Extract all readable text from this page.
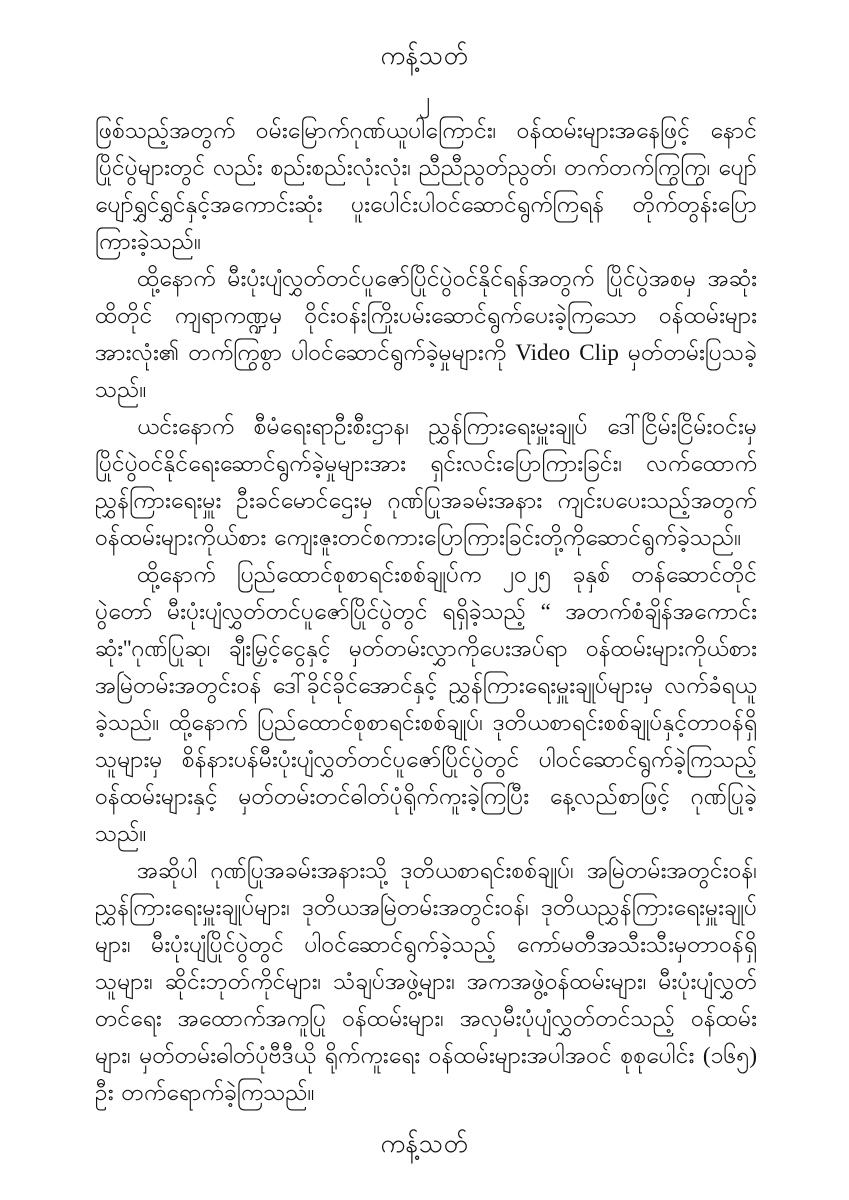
ကန့်သတ်
၂

ဖြစ်သည့်အတွက် ဝမ်းမြောက်ဂုဏ်ယူပါကြောင်း၊ ဝန်ထမ်းများအနေဖြင့် နောင်ပြိုင်ပွဲများတွင် လည်း စည်းစည်းလုံးလုံး၊ ညီညီညွတ်ညွတ်၊ တက်တက်ကြွကြွ၊ ပျော်ပျော်ရွှင်ရွှင်နှင့်အကောင်းဆုံး ပူးပေါင်းပါဝင်ဆောင်ရွက်ကြရန် တိုက်တွန်းပြောကြားခဲ့သည်။

ထို့နောက် မီးပုံးပျံလွှတ်တင်ပူဇော်ပြိုင်ပွဲဝင်နိုင်ရန်အတွက် ပြိုင်ပွဲအစမှ အဆုံးထိတိုင် ကျရာကဏ္ဍမှ ဝိုင်းဝန်းကြိုးပမ်းဆောင်ရွက်ပေးခဲ့ကြသော ဝန်ထမ်းများအားလုံး၏ တက်ကြွစွာ ပါဝင်ဆောင်ရွက်ခဲ့မှုများကို Video Clip မှတ်တမ်းပြသခဲ့သည်။

ယင်းနောက် စီမံရေးရာဦးစီးဌာန၊ ညွှန်ကြားရေးမှူးချုပ် ဒေါ်ငြိမ်းငြိမ်းဝင်းမှ ပြိုင်ပွဲဝင်နိုင်ရေးဆောင်ရွက်ခဲ့မှုများအား ရှင်းလင်းပြောကြားခြင်း၊ လက်ထောက်ညွှန်ကြားရေးမှူး ဦးခင်မောင်ဌေးမှ ဂုဏ်ပြုအခမ်းအနား ကျင်းပပေးသည့်အတွက် ဝန်ထမ်းများကိုယ်စား ကျေးဇူးတင်စကားပြောကြားခြင်းတို့ကိုဆောင်ရွက်ခဲ့သည်။

ထို့နောက် ပြည်ထောင်စုစာရင်းစစ်ချုပ်က ၂၀၂၅ ခုနှစ် တန်ဆောင်တိုင်ပွဲတော် မီးပုံးပျံလွှတ်တင်ပူဇော်ပြိုင်ပွဲတွင် ရရှိခဲ့သည့် “ အတက်စံချိန်အကောင်းဆုံး''ဂုဏ်ပြုဆု၊ ချီးမြှင့်ငွေနှင့် မှတ်တမ်းလွှာကိုပေးအပ်ရာ ဝန်ထမ်းများကိုယ်စား အမြဲတမ်းအတွင်းဝန် ဒေါ်ခိုင်ခိုင်အောင်နှင့် ညွှန်ကြားရေးမှူးချုပ်များမှ လက်ခံရယူခဲ့သည်။ ထို့နောက် ပြည်ထောင်စုစာရင်းစစ်ချုပ်၊ ဒုတိယစာရင်းစစ်ချုပ်နှင့်တာဝန်ရှိသူများမှ စိန်နားပန်မီးပုံးပျံလွှတ်တင်ပူဇော်ပြိုင်ပွဲတွင် ပါဝင်ဆောင်ရွက်ခဲ့ကြသည့် ဝန်ထမ်းများနှင့် မှတ်တမ်းတင်ဓါတ်ပုံရိုက်ကူးခဲ့ကြပြီး နေ့လည်စာဖြင့် ဂုဏ်ပြုခဲ့သည်။

အဆိုပါ ဂုဏ်ပြုအခမ်းအနားသို့ ဒုတိယစာရင်းစစ်ချုပ်၊ အမြဲတမ်းအတွင်းဝန်၊ ညွှန်ကြားရေးမှူးချုပ်များ၊ ဒုတိယအမြဲတမ်းအတွင်းဝန်၊ ဒုတိယညွှန်ကြားရေးမှူးချုပ်များ၊ မီးပုံးပျံပြိုင်ပွဲတွင် ပါဝင်ဆောင်ရွက်ခဲ့သည့် ကော်မတီအသီးသီးမှတာဝန်ရှိသူများ၊ ဆိုင်းဘုတ်ကိုင်များ၊ သံချပ်အဖွဲ့များ၊ အကအဖွဲ့ဝန်ထမ်းများ၊ မီးပုံးပျံလွှတ်တင်ရေး အထောက်အကူပြု ဝန်ထမ်းများ၊ အလှမီးပုံပျံလွှတ်တင်သည့် ဝန်ထမ်းများ၊ မှတ်တမ်းဓါတ်ပုံဗီဒီယို ရိုက်ကူးရေး ဝန်ထမ်းများအပါအဝင် စုစုပေါင်း (၁၆၅) ဦး တက်ရောက်ခဲ့ကြသည်။

ကန့်သတ်
